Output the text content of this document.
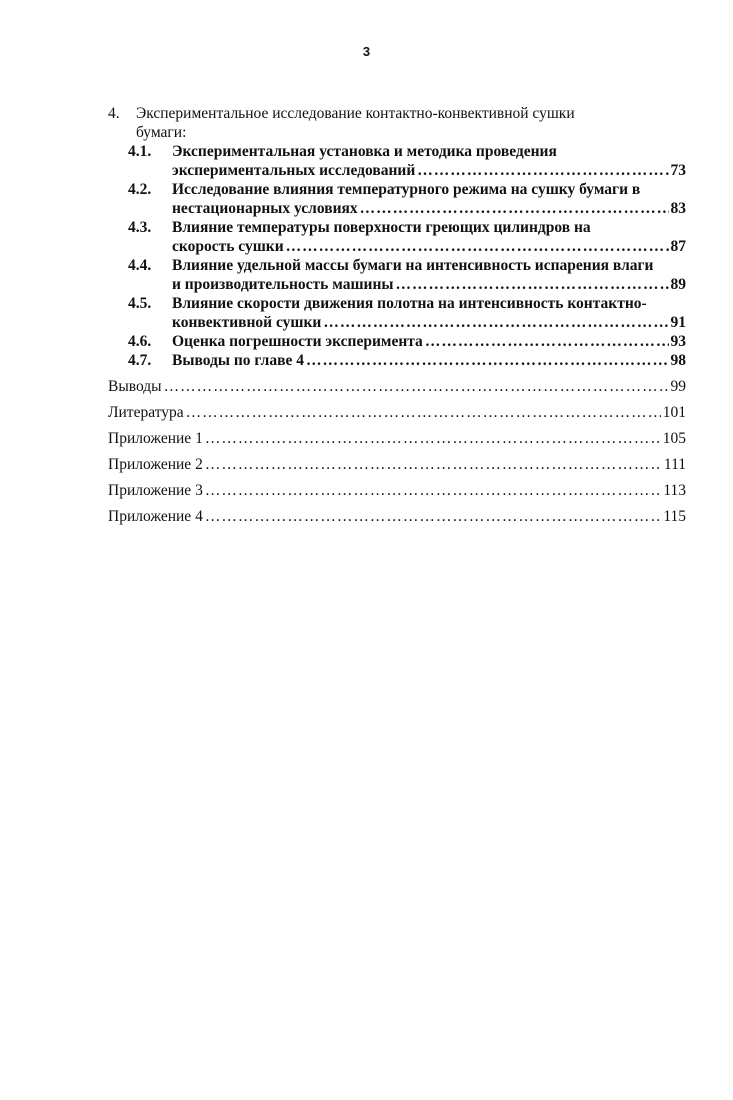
3
4. Экспериментальное исследование контактно-конвективной сушки
бумаги:
4.1. Экспериментальная установка и методика проведения
экспериментальных исследований …………………………………………………………………………………………………………………………………………………………………………………………………	73
4.2. Исследование влияния температурного режима на сушку бумаги в
нестационарных условиях …………………………………………………………………………………………………………………………………………………………………………………………………	83
4.3. Влияние температуры поверхности греющих цилиндров на
скорость сушки …………………………………………………………………………………………………………………………………………………………………………………………………	87
4.4. Влияние удельной массы бумаги на интенсивность испарения влаги
и производительность машины …………………………………………………………………………………………………………………………………………………………………………………………………	89
4.5. Влияние скорости движения полотна на интенсивность контактно-
конвективной сушки …………………………………………………………………………………………………………………………………………………………………………………………………	91
4.6. Оценка погрешности эксперимента …………………………………………………………………………………………………………………………………………………………………………………………………	93
4.7. Выводы по главе 4 …………………………………………………………………………………………………………………………………………………………………………………………………	98
Выводы …………………………………………………………………………………………………………………………………………………………………………………………………	99
Литература …………………………………………………………………………………………………………………………………………………………………………………………………	101
Приложение 1 …………………………………………………………………………………………………………………………………………………………………………………………………	105
Приложение 2 …………………………………………………………………………………………………………………………………………………………………………………………………	111
Приложение 3 …………………………………………………………………………………………………………………………………………………………………………………………………	113
Приложение 4 …………………………………………………………………………………………………………………………………………………………………………………………………	115
